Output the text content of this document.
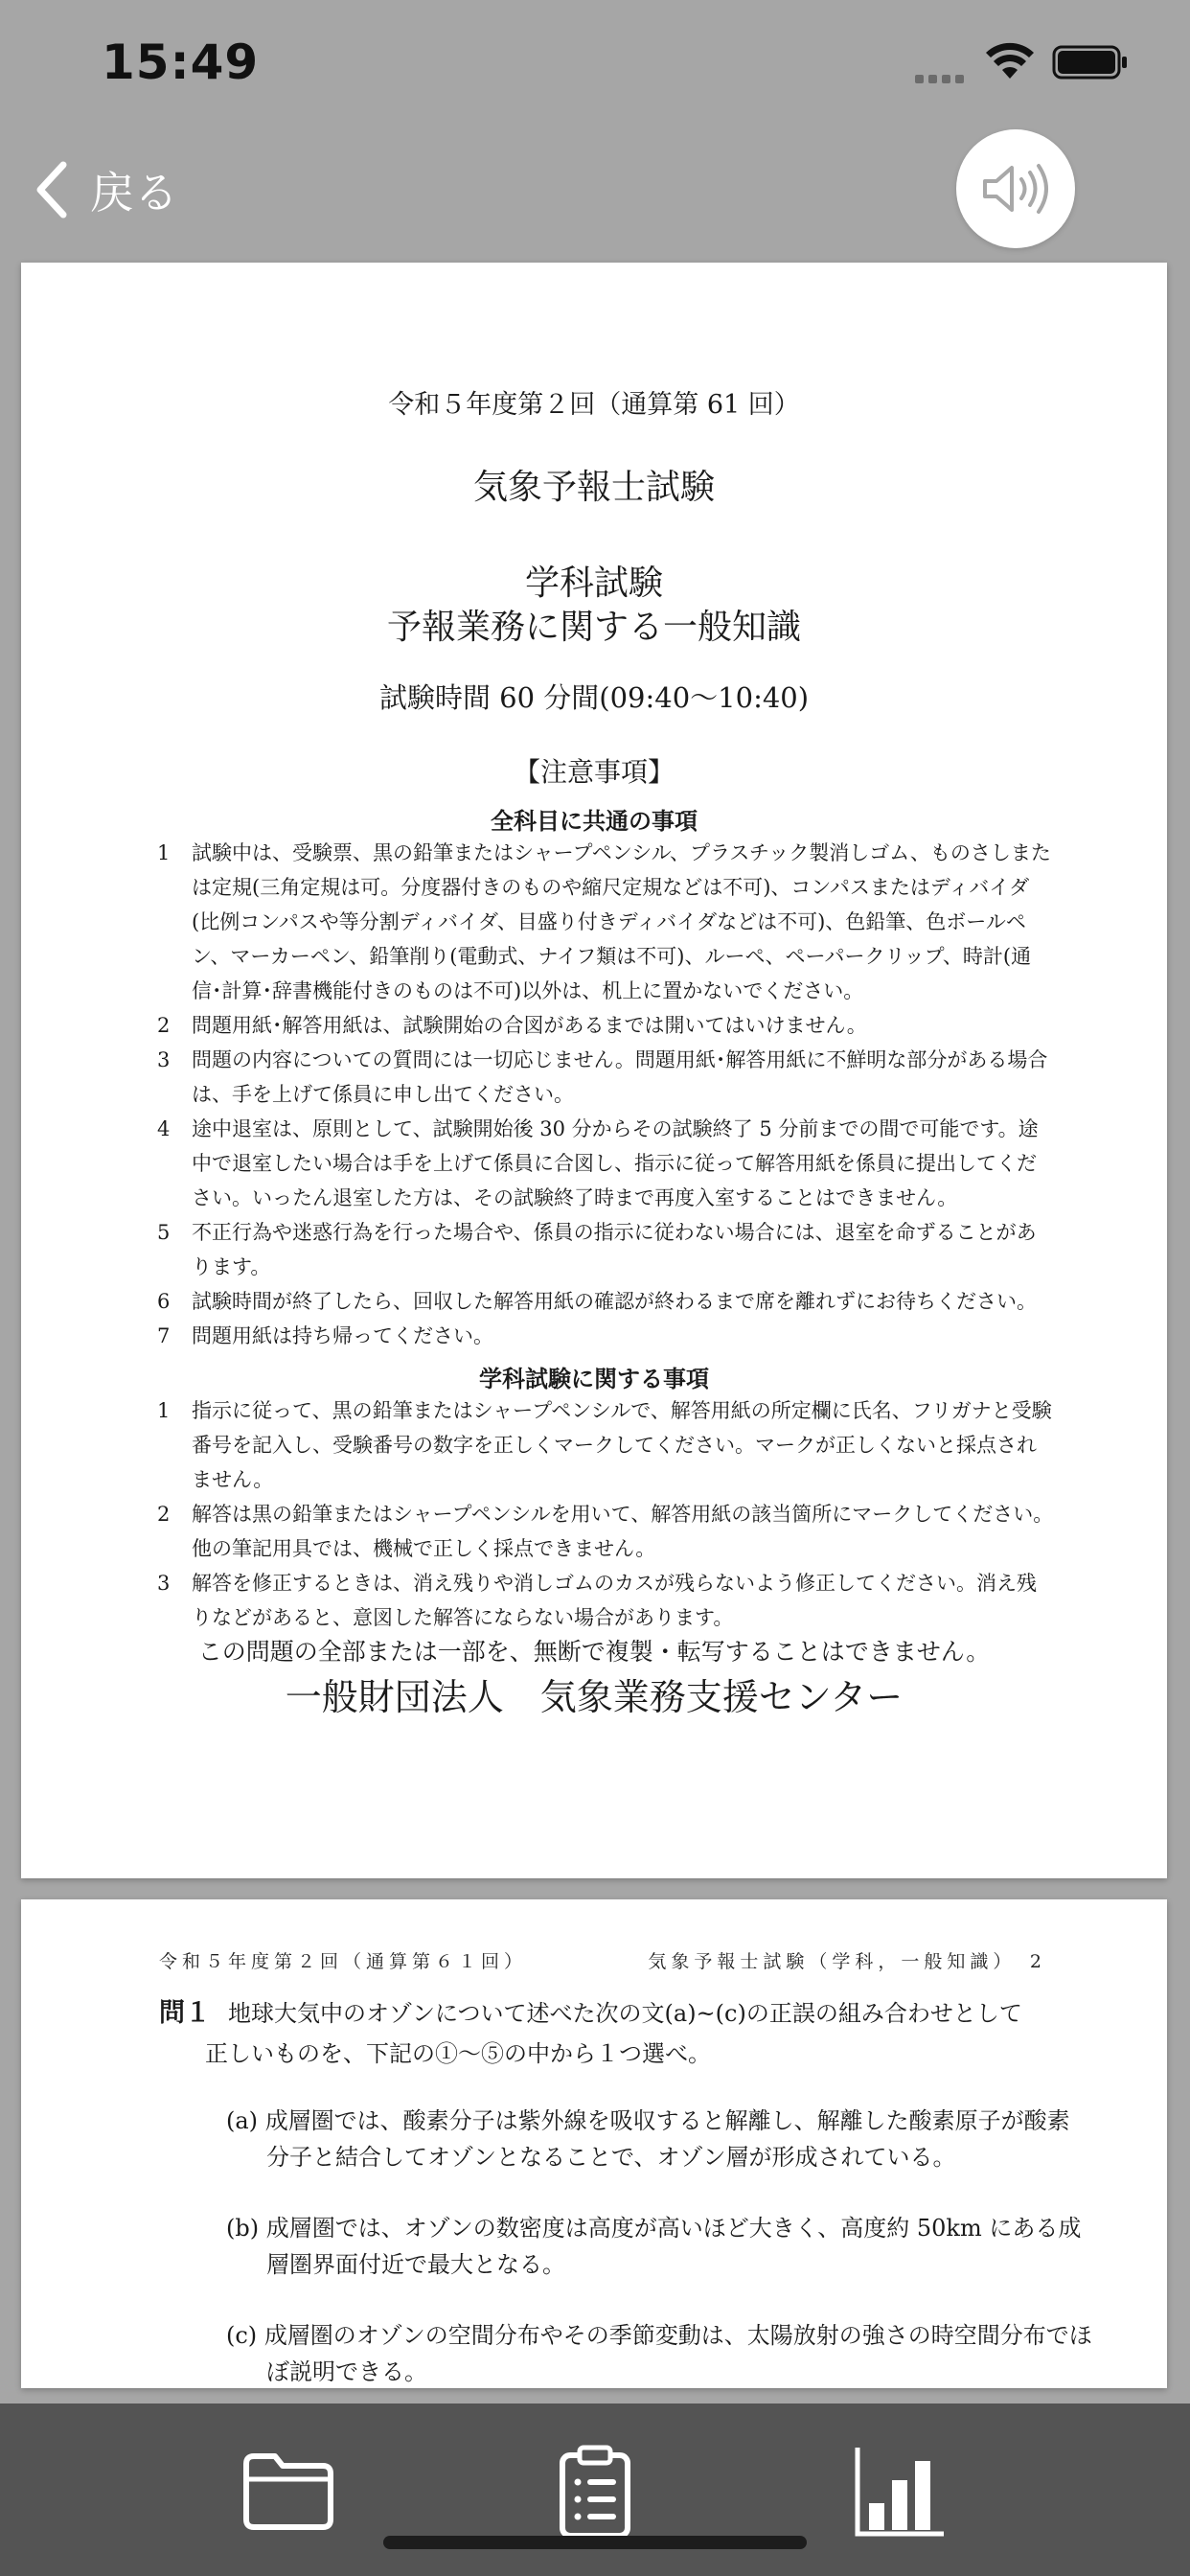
15:49
戻る
令和５年度第２回（通算第 61 回）
気象予報士試験
学科試験
予報業務に関する一般知識
試験時間 60 分間(09:40～10:40)
【注意事項】
全科目に共通の事項
1 試験中は、受験票、黒の鉛筆またはシャープペンシル、プラスチック製消しゴム、ものさしまたは定規(三角定規は可。分度器付きのものや縮尺定規などは不可)、コンパスまたはディバイダ(比例コンパスや等分割ディバイダ、目盛り付きディバイダなどは不可)、色鉛筆、色ボールペン、マーカーペン、鉛筆削り(電動式、ナイフ類は不可)、ルーペ、ペーパークリップ、時計(通信･計算･辞書機能付きのものは不可)以外は、机上に置かないでください。
2 問題用紙･解答用紙は、試験開始の合図があるまでは開いてはいけません。
3 問題の内容についての質問には一切応じません。問題用紙･解答用紙に不鮮明な部分がある場合は、手を上げて係員に申し出てください。
4 途中退室は、原則として、試験開始後 30 分からその試験終了 5 分前までの間で可能です。途中で退室したい場合は手を上げて係員に合図し、指示に従って解答用紙を係員に提出してください。いったん退室した方は、その試験終了時まで再度入室することはできません。
5 不正行為や迷惑行為を行った場合や、係員の指示に従わない場合には、退室を命ずることがあります。
6 試験時間が終了したら、回収した解答用紙の確認が終わるまで席を離れずにお待ちください。
7 問題用紙は持ち帰ってください。
学科試験に関する事項
1 指示に従って、黒の鉛筆またはシャープペンシルで、解答用紙の所定欄に氏名、フリガナと受験番号を記入し、受験番号の数字を正しくマークしてください。マークが正しくないと採点されません。
2 解答は黒の鉛筆またはシャープペンシルを用いて、解答用紙の該当箇所にマークしてください。他の筆記用具では、機械で正しく採点できません。
3 解答を修正するときは、消え残りや消しゴムのカスが残らないよう修正してください。消え残りなどがあると、意図した解答にならない場合があります。
この問題の全部または一部を、無断で複製・転写することはできません。
一般財団法人　気象業務支援センター
令和５年度第２回（通算第６１回）	気象予報士試験（学科，一般知識）　2
問１ 地球大気中のオゾンについて述べた次の文(a)~(c)の正誤の組み合わせとして
正しいものを、下記の①～⑤の中から１つ選べ。
(a) 成層圏では、酸素分子は紫外線を吸収すると解離し、解離した酸素原子が酸素分子と結合してオゾンとなることで、オゾン層が形成されている。
(b) 成層圏では、オゾンの数密度は高度が高いほど大きく、高度約 50km にある成層圏界面付近で最大となる。
(c) 成層圏のオゾンの空間分布やその季節変動は、太陽放射の強さの時空間分布でほぼ説明できる。
